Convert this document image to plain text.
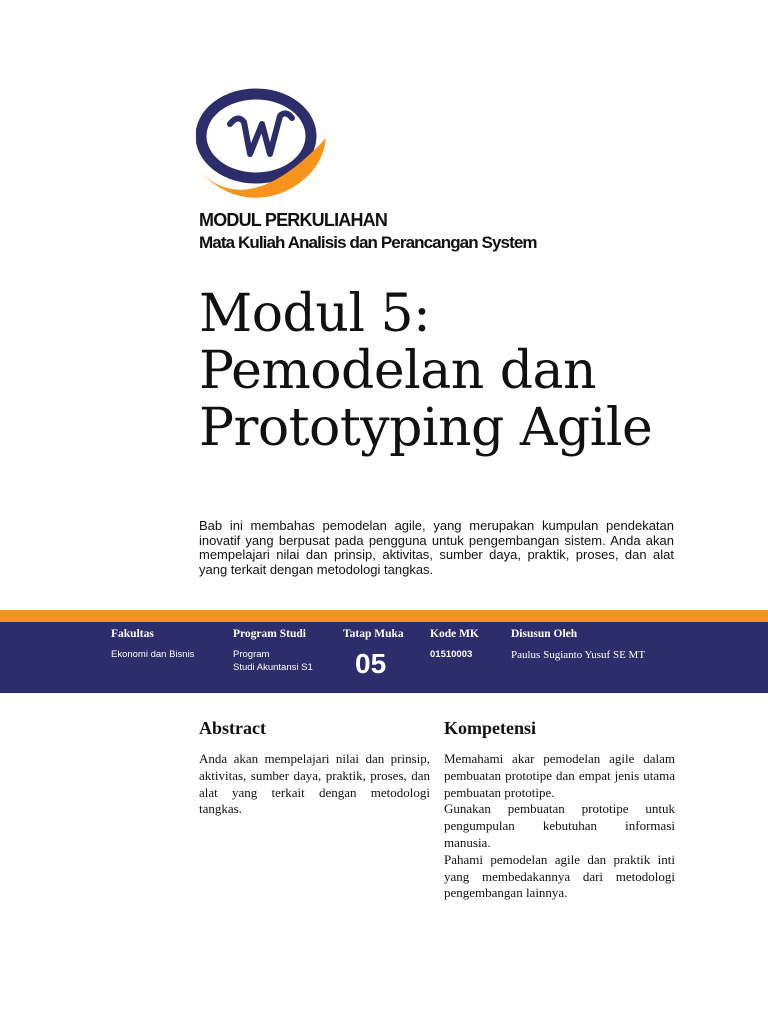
MODUL PERKULIAHAN
Mata Kuliah Analisis dan Perancangan System
Modul 5:
Pemodelan dan
Prototyping Agile

Bab ini membahas pemodelan agile, yang merupakan kumpulan pendekatan inovatif yang berpusat pada pengguna untuk pengembangan sistem. Anda akan mempelajari nilai dan prinsip, aktivitas, sumber daya, praktik, proses, dan alat yang terkait dengan metodologi tangkas.

Fakultas
Ekonomi dan Bisnis
Program Studi
Program
Studi Akuntansi S1
Tatap Muka
05
Kode MK
01510003
Disusun Oleh
Paulus Sugianto Yusuf SE MT
Abstract

Anda akan mempelajari nilai dan prinsip, aktivitas, sumber daya, praktik, proses, dan alat yang terkait dengan metodologi tangkas.

Kompetensi

Memahami akar pemodelan agile dalam pembuatan prototipe dan empat jenis utama pembuatan prototipe.

Gunakan pembuatan prototipe untuk pengumpulan kebutuhan informasi manusia.

Pahami pemodelan agile dan praktik inti yang membedakannya dari metodologi pengembangan lainnya.
